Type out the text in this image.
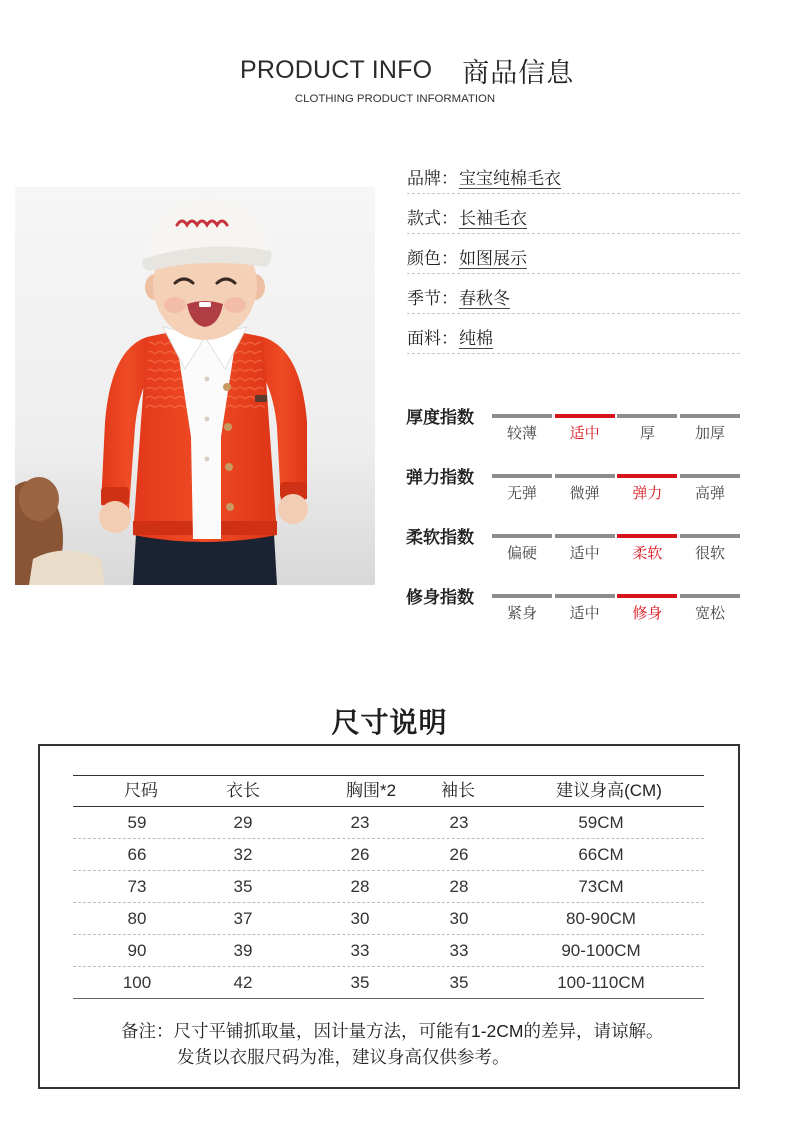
PRODUCT INFO 商品信息
CLOTHING PRODUCT INFORMATION
品牌：宝宝纯棉毛衣
款式：长袖毛衣
颜色：如图展示
季节：春秋冬
面料：纯棉
厚度指数
较薄	适中	厚	加厚
弹力指数
无弹	微弹	弹力	高弹
柔软指数
偏硬	适中	柔软	很软
修身指数
紧身	适中	修身	宽松
尺寸说明
尺码	衣长	胸围*2	袖长	建议身高(CM)
59	29	23	23	59CM
66	32	26	26	66CM
73	35	28	28	73CM
80	37	30	30	80-90CM
90	39	33	33	90-100CM
100	42	35	35	100-110CM
备注：尺寸平铺抓取量，因计量方法，可能有1-2CM的差异，请谅解。
发货以衣服尺码为准，建议身高仅供参考。
